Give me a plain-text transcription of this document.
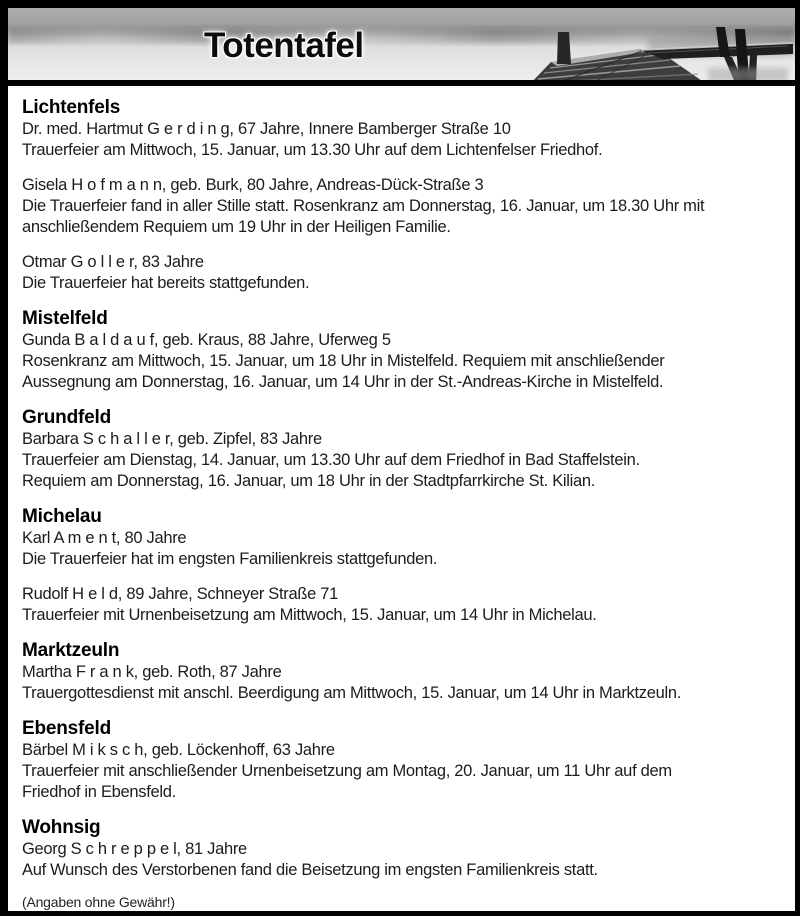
Totentafel
Lichtenfels
Dr. med. Hartmut G e r d i n g, 67 Jahre, Innere Bamberger Straße 10
Trauerfeier am Mittwoch, 15. Januar, um 13.30 Uhr auf dem Lichtenfelser Friedhof.
Gisela H o f m a n n, geb. Burk, 80 Jahre, Andreas-Dück-Straße 3
Die Trauerfeier fand in aller Stille statt. Rosenkranz am Donnerstag, 16. Januar, um 18.30 Uhr mit
anschließendem Requiem um 19 Uhr in der Heiligen Familie.
Otmar G o l l e r, 83 Jahre
Die Trauerfeier hat bereits stattgefunden.
Mistelfeld
Gunda B a l d a u f, geb. Kraus, 88 Jahre, Uferweg 5
Rosenkranz am Mittwoch, 15. Januar, um 18 Uhr in Mistelfeld. Requiem mit anschließender
Aussegnung am Donnerstag, 16. Januar, um 14 Uhr in der St.-Andreas-Kirche in Mistelfeld.
Grundfeld
Barbara S c h a l l e r, geb. Zipfel, 83 Jahre
Trauerfeier am Dienstag, 14. Januar, um 13.30 Uhr auf dem Friedhof in Bad Staffelstein.
Requiem am Donnerstag, 16. Januar, um 18 Uhr in der Stadtpfarrkirche St. Kilian.
Michelau
Karl A m e n t, 80 Jahre
Die Trauerfeier hat im engsten Familienkreis stattgefunden.
Rudolf H e l d, 89 Jahre, Schneyer Straße 71
Trauerfeier mit Urnenbeisetzung am Mittwoch, 15. Januar, um 14 Uhr in Michelau.
Marktzeuln
Martha F r a n k, geb. Roth, 87 Jahre
Trauergottesdienst mit anschl. Beerdigung am Mittwoch, 15. Januar, um 14 Uhr in Marktzeuln.
Ebensfeld
Bärbel M i k s c h, geb. Löckenhoff, 63 Jahre
Trauerfeier mit anschließender Urnenbeisetzung am Montag, 20. Januar, um 11 Uhr auf dem
Friedhof in Ebensfeld.
Wohnsig
Georg S c h r e p p e l, 81 Jahre
Auf Wunsch des Verstorbenen fand die Beisetzung im engsten Familienkreis statt.
(Angaben ohne Gewähr!)
